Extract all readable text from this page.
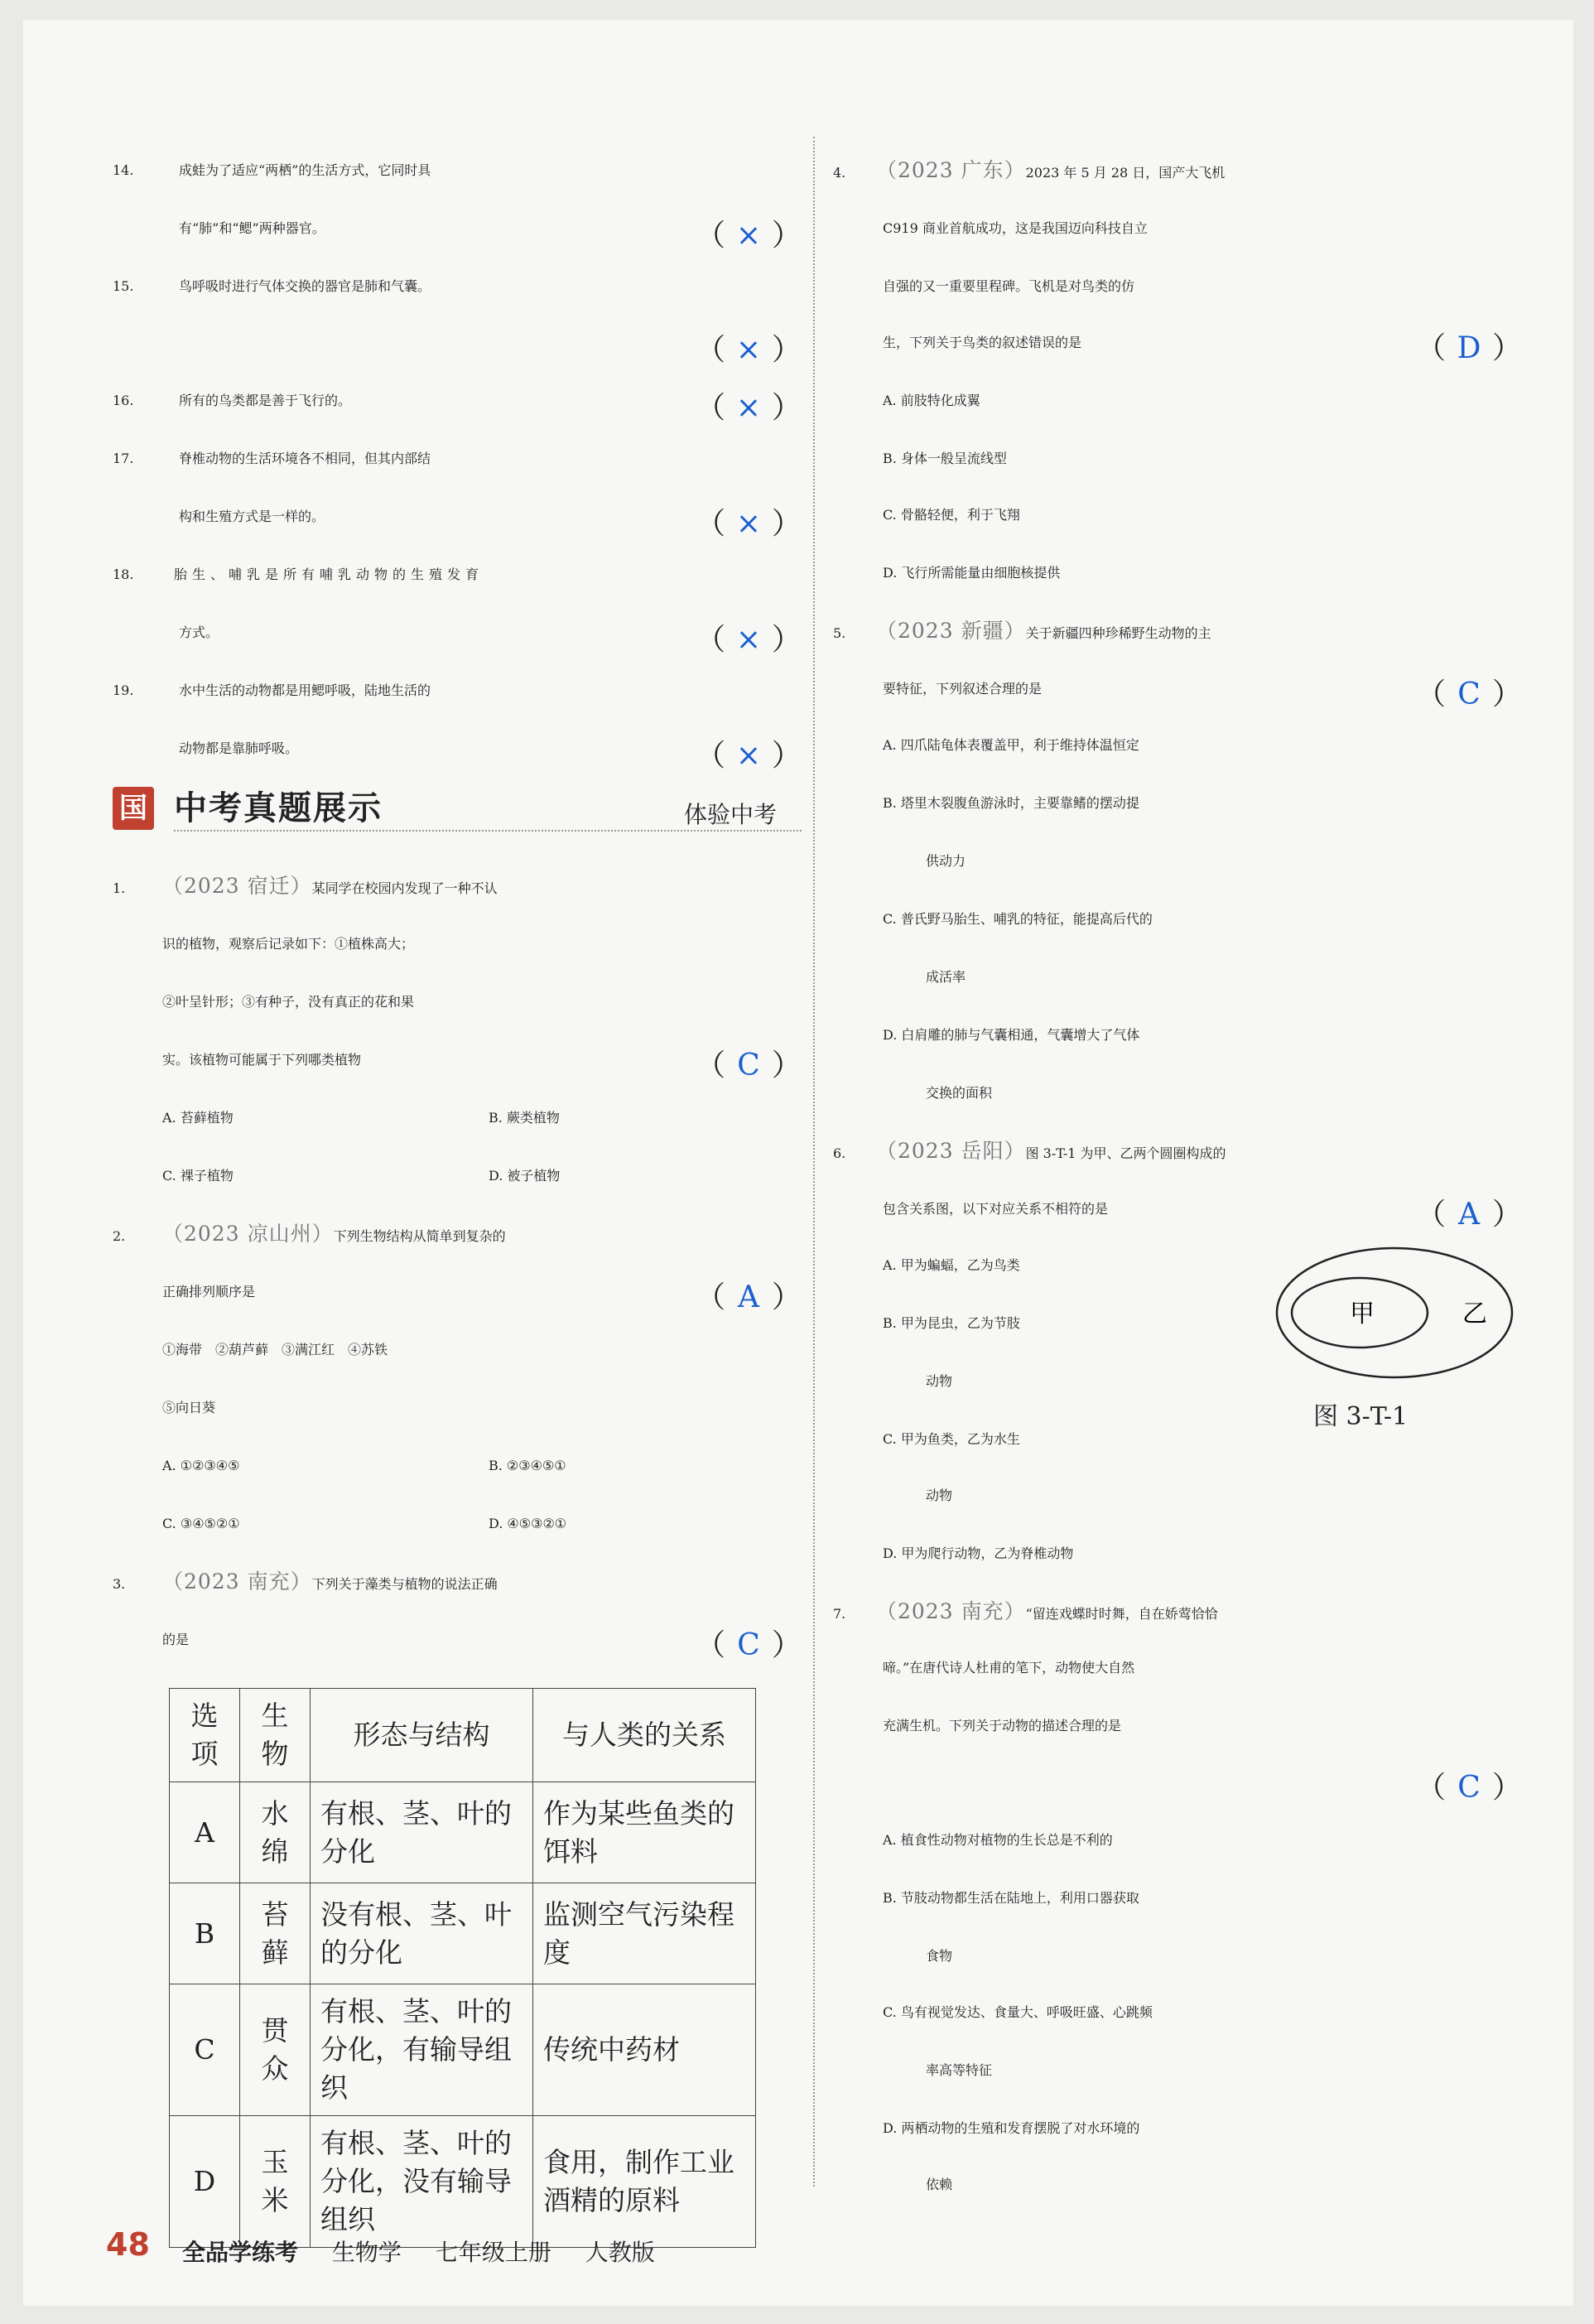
14.	成蛙为了适应“两栖”的生活方式，它同时具
有“肺”和“鳃”两种器官。	（ × ）
15.	鸟呼吸时进行气体交换的器官是肺和气囊。
（ × ）
16.	所有的鸟类都是善于飞行的。	（ × ）
17.	脊椎动物的生活环境各不相同，但其内部结
构和生殖方式是一样的。	（ × ）
18.	胎生、哺乳是所有哺乳动物的生殖发育
方式。	（ × ）
19.	水中生活的动物都是用鳃呼吸，陆地生活的
动物都是靠肺呼吸。	（ × ）
国 中考真题展示	体验中考
1. （2023 宿迁）某同学在校园内发现了一种不认
识的植物，观察后记录如下：①植株高大；
②叶呈针形；③有种子，没有真正的花和果
实。该植物可能属于下列哪类植物	（ C ）
A. 苔藓植物	B. 蕨类植物
C. 裸子植物	D. 被子植物
2. （2023 凉山州）下列生物结构从简单到复杂的
正确排列顺序是	（ A ）
①海带　②葫芦藓　③满江红　④苏铁
⑤向日葵
A. ①②③④⑤	B. ②③④⑤①
C. ③④⑤②①	D. ④⑤③②①
3. （2023 南充）下列关于藻类与植物的说法正确
的是	（ C ）
选项	生物	形态与结构	与人类的关系
A	水绵	有根、茎、叶的分化	作为某些鱼类的饵料
B	苔藓	没有根、茎、叶的分化	监测空气污染程度
C	贯众	有根、茎、叶的分化，有输导组织	传统中药材
D	玉米	有根、茎、叶的分化，没有输导组织	食用，制作工业酒精的原料
4. （2023 广东）2023 年 5 月 28 日，国产大飞机
C919 商业首航成功，这是我国迈向科技自立
自强的又一重要里程碑。飞机是对鸟类的仿
生，下列关于鸟类的叙述错误的是	（ D ）
A. 前肢特化成翼
B. 身体一般呈流线型
C. 骨骼轻便，利于飞翔
D. 飞行所需能量由细胞核提供
5. （2023 新疆）关于新疆四种珍稀野生动物的主
要特征，下列叙述合理的是	（ C ）
A. 四爪陆龟体表覆盖甲，利于维持体温恒定
B. 塔里木裂腹鱼游泳时，主要靠鳍的摆动提
供动力
C. 普氏野马胎生、哺乳的特征，能提高后代的
成活率
D. 白肩雕的肺与气囊相通，气囊增大了气体
交换的面积
6. （2023 岳阳）图 3-T-1 为甲、乙两个圆圈构成的
包含关系图，以下对应关系不相符的是	（ A ）
A. 甲为蝙蝠，乙为鸟类
B. 甲为昆虫，乙为节肢
动物
C. 甲为鱼类，乙为水生
动物
D. 甲为爬行动物，乙为脊椎动物
甲	乙
图 3-T-1
7. （2023 南充）“留连戏蝶时时舞，自在娇莺恰恰
啼。”在唐代诗人杜甫的笔下，动物使大自然
充满生机。下列关于动物的描述合理的是
（ C ）
A. 植食性动物对植物的生长总是不利的
B. 节肢动物都生活在陆地上，利用口器获取
食物
C. 鸟有视觉发达、食量大、呼吸旺盛、心跳频
率高等特征
D. 两栖动物的生殖和发育摆脱了对水环境的
依赖
48 全品学练考 生物学 七年级上册 人教版
